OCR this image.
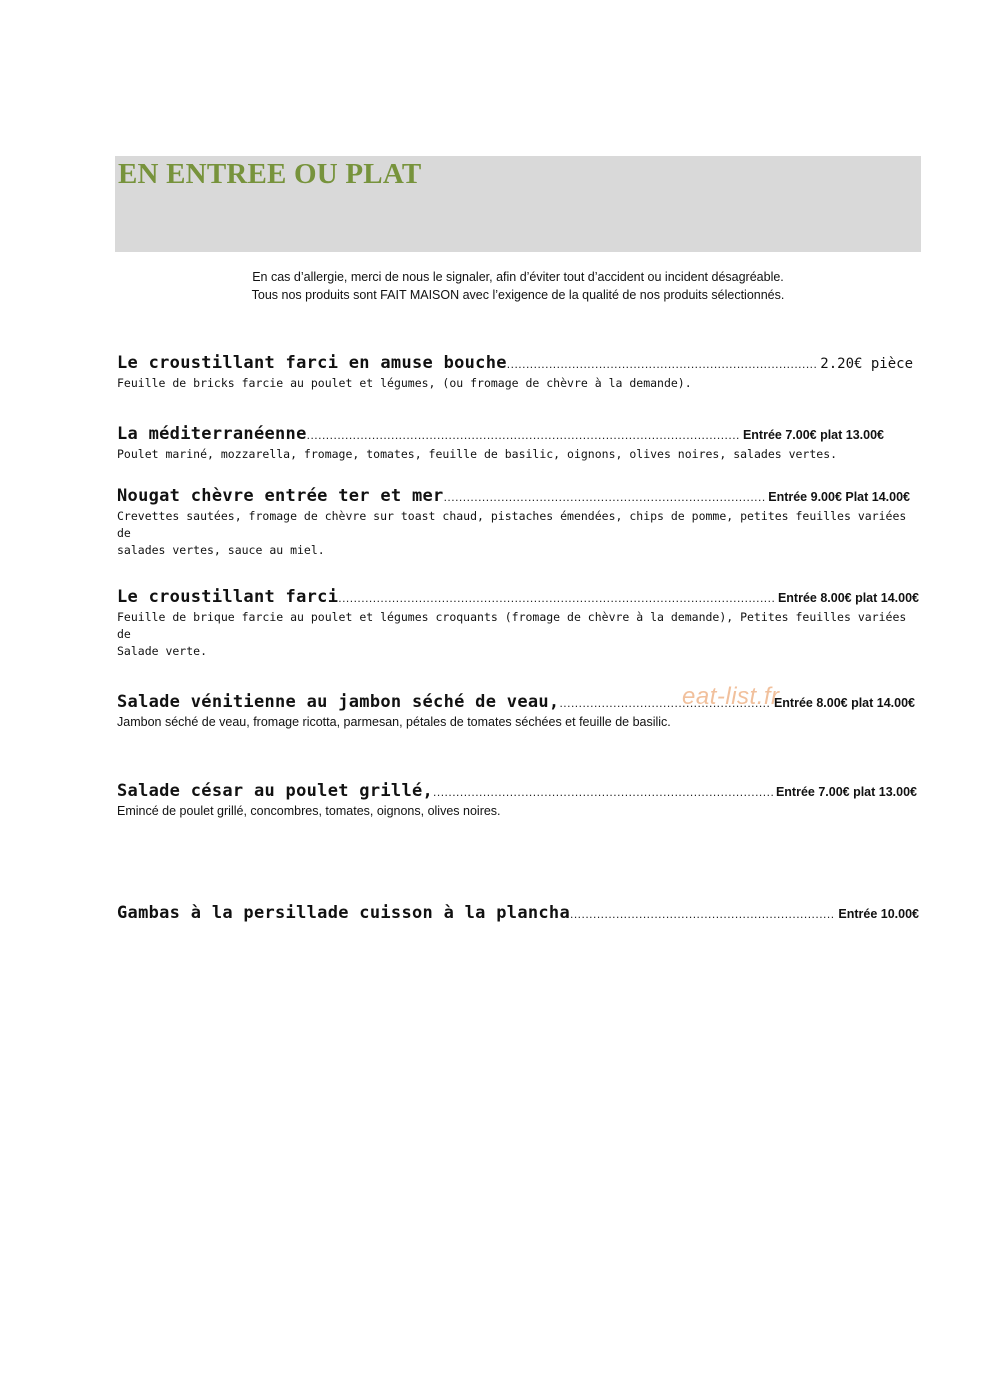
EN ENTREE OU PLAT
En cas d’allergie, merci de nous le signaler, afin d’éviter tout d’accident ou incident désagréable.
Tous nos produits sont FAIT MAISON avec l’exigence de la qualité de nos produits sélectionnés.
Le croustillant farci en amuse bouche .....	2.20€ pièce
Feuille de bricks farcie au poulet et légumes, (ou fromage de chèvre à la demande).
La méditerranéenne .....	Entrée 7.00€ plat 13.00€
Poulet mariné, mozzarella, fromage, tomates, feuille de basilic, oignons, olives noires, salades vertes.
Nougat chèvre entrée ter et mer .....	Entrée 9.00€ Plat 14.00€
Crevettes sautées, fromage de chèvre sur toast chaud, pistaches émendées, chips de pomme, petites feuilles variées de
salades vertes, sauce au miel.
Le croustillant farci .....	Entrée 8.00€ plat 14.00€
Feuille de brique farcie au poulet et légumes croquants (fromage de chèvre à la demande), Petites feuilles variées de
Salade verte.
Salade vénitienne au jambon séché de veau, .....	Entrée 8.00€ plat 14.00€
Jambon séché de veau, fromage ricotta, parmesan, pétales de tomates séchées et feuille de basilic.
Salade césar au poulet grillé, .....	Entrée 7.00€ plat 13.00€
Emincé de poulet grillé, concombres, tomates, oignons, olives noires.
Gambas à la persillade cuisson à la plancha .....	Entrée 10.00€
eat-list.fr
